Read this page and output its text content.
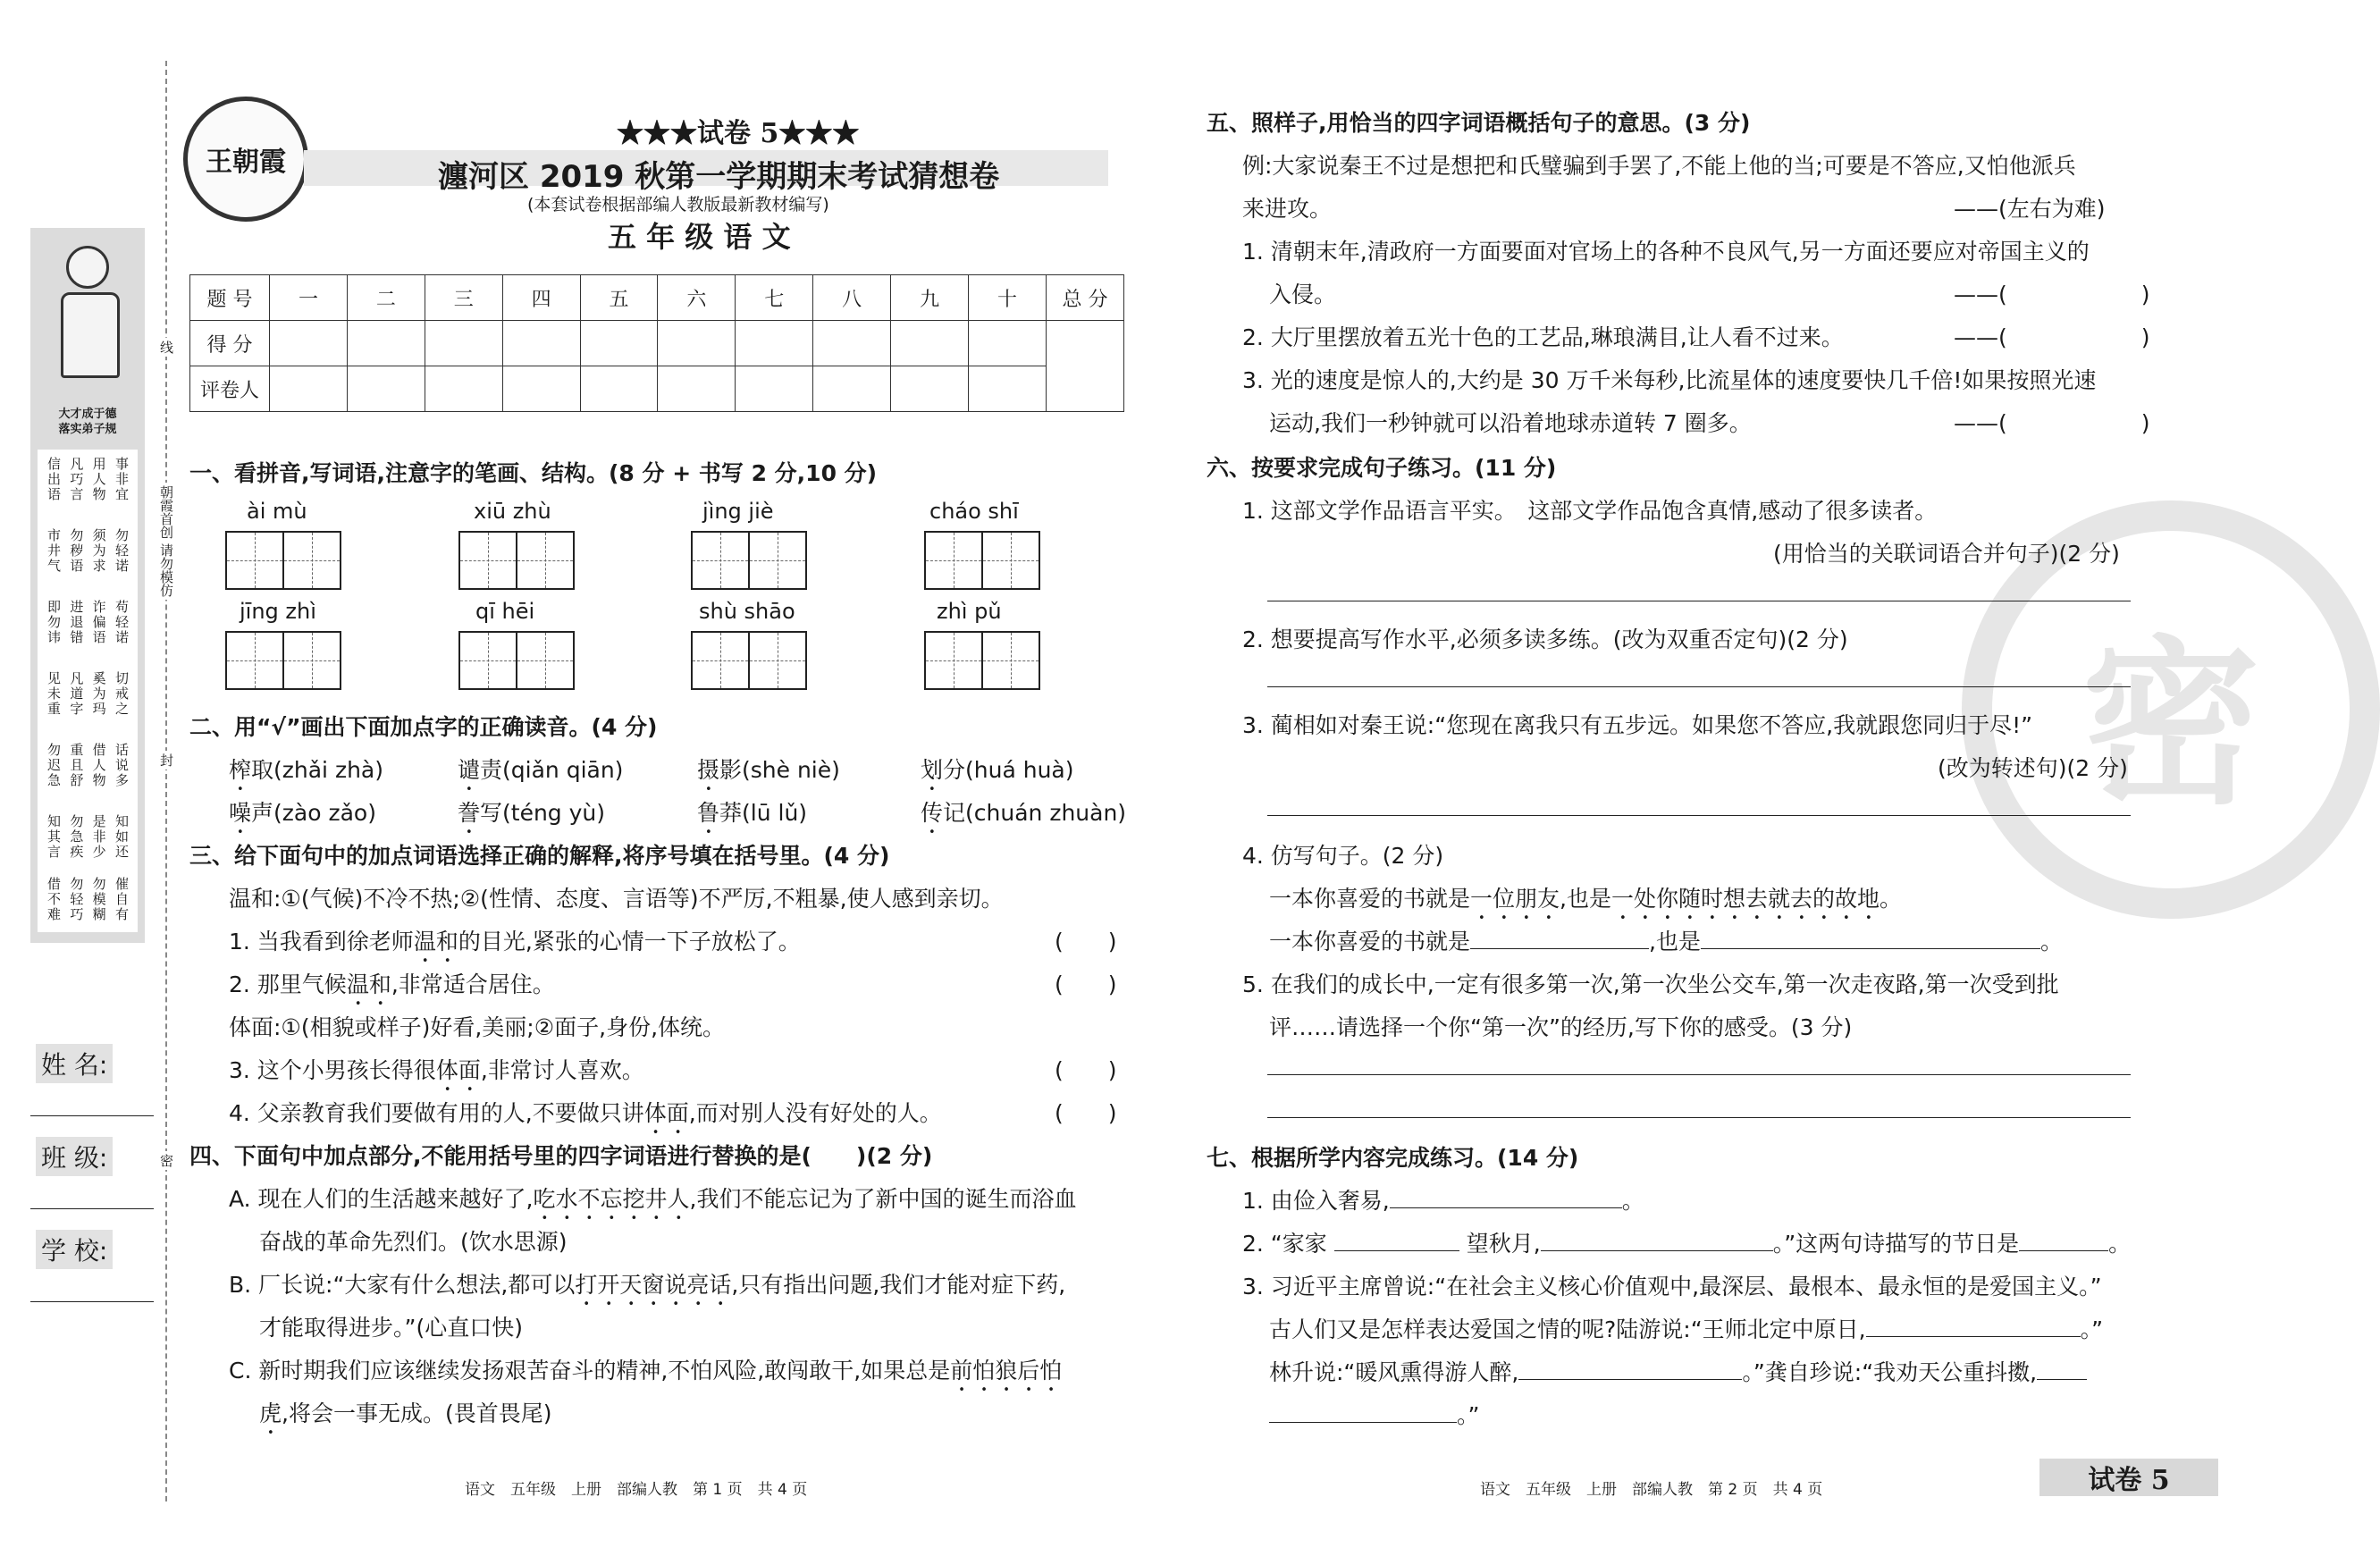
线
朝霞首创 请勿模仿
封
密
王朝霞
★★★试卷 5★★★
瀍河区 2019 秋第一学期期末考试猜想卷
(本套试卷根据部编人教版最新教材编写)
五 年 级 语 文
大才成于德
落实弟子规
信出语 凡巧言 用人物 事非宜
市井气 勿秽语 须为求 勿轻诺
即勿讳 进退错 诈偏语 苟轻诺
见未重 凡道字 奚为玛 切戒之
勿迟急 重且舒 借人物 话说多
知其言 勿急疾 是非少 知如还
借不难 勿轻巧 勿模糊 催自有
姓 名:
班 级:
学 校:
题 号	一	二	三	四	五	六	七	八	九	十	总 分
得 分											
评卷人											
一、看拼音,写词语,注意字的笔画、结构。(8 分 + 书写 2 分,10 分)
ài mù	xiū zhù	jìng jiè	cháo shī
jīng zhì	qī hēi	shù shāo	zhì pǔ
二、用“√”画出下面加点字的正确读音。(4 分)
榨取(zhǎi zhà)	谴责(qiǎn qiān)	摄影(shè niè)	划分(huá huà)
噪声(zào zǎo)	誊写(téng yù)	鲁莽(lū lǔ)	传记(chuán zhuàn)
三、给下面句中的加点词语选择正确的解释,将序号填在括号里。(4 分)
温和:①(气候)不冷不热;②(性情、态度、言语等)不严厉,不粗暴,使人感到亲切。
1. 当我看到徐老师温和的目光,紧张的心情一下子放松了。	(　　)
2. 那里气候温和,非常适合居住。	(　　)
体面:①(相貌或样子)好看,美丽;②面子,身份,体统。
3. 这个小男孩长得很体面,非常讨人喜欢。	(　　)
4. 父亲教育我们要做有用的人,不要做只讲体面,而对别人没有好处的人。	(　　)
四、下面句中加点部分,不能用括号里的四字词语进行替换的是(　　)(2 分)
A. 现在人们的生活越来越好了,吃水不忘挖井人,我们不能忘记为了新中国的诞生而浴血
奋战的革命先烈们。(饮水思源)
B. 厂长说:“大家有什么想法,都可以打开天窗说亮话,只有指出问题,我们才能对症下药,
才能取得进步。”(心直口快)
C. 新时期我们应该继续发扬艰苦奋斗的精神,不怕风险,敢闯敢干,如果总是前怕狼后怕
虎,将会一事无成。(畏首畏尾)
语文　五年级　上册　部编人教　第 1 页　共 4 页
密
五、照样子,用恰当的四字词语概括句子的意思。(3 分)
例:大家说秦王不过是想把和氏璧骗到手罢了,不能上他的当;可要是不答应,又怕他派兵
来进攻。	——(左右为难)
1. 清朝末年,清政府一方面要面对官场上的各种不良风气,另一方面还要应对帝国主义的
入侵。	——(　　　　　　)
2. 大厅里摆放着五光十色的工艺品,琳琅满目,让人看不过来。	——(　　　　　　)
3. 光的速度是惊人的,大约是 30 万千米每秒,比流星体的速度要快几千倍!如果按照光速
运动,我们一秒钟就可以沿着地球赤道转 7 圈多。	——(　　　　　　)
六、按要求完成句子练习。(11 分)
1. 这部文学作品语言平实。　这部文学作品饱含真情,感动了很多读者。
(用恰当的关联词语合并句子)(2 分)
2. 想要提高写作水平,必须多读多练。(改为双重否定句)(2 分)
3. 蔺相如对秦王说:“您现在离我只有五步远。如果您不答应,我就跟您同归于尽!”
(改为转述句)(2 分)
4. 仿写句子。(2 分)
一本你喜爱的书就是一位朋友,也是一处你随时想去就去的故地。
一本你喜爱的书就是	,也是	。
5. 在我们的成长中,一定有很多第一次,第一次坐公交车,第一次走夜路,第一次受到批
评……请选择一个你“第一次”的经历,写下你的感受。(3 分)
七、根据所学内容完成练习。(14 分)
1. 由俭入奢易,	。
2. “家家	望秋月,	。”这两句诗描写的节日是	。
3. 习近平主席曾说:“在社会主义核心价值观中,最深层、最根本、最永恒的是爱国主义。”
古人们又是怎样表达爱国之情的呢?陆游说:“王师北定中原日,	。”
林升说:“暖风熏得游人醉,	。”龚自珍说:“我劝天公重抖擞,
。”
语文　五年级　上册　部编人教　第 2 页　共 4 页	试卷 5
